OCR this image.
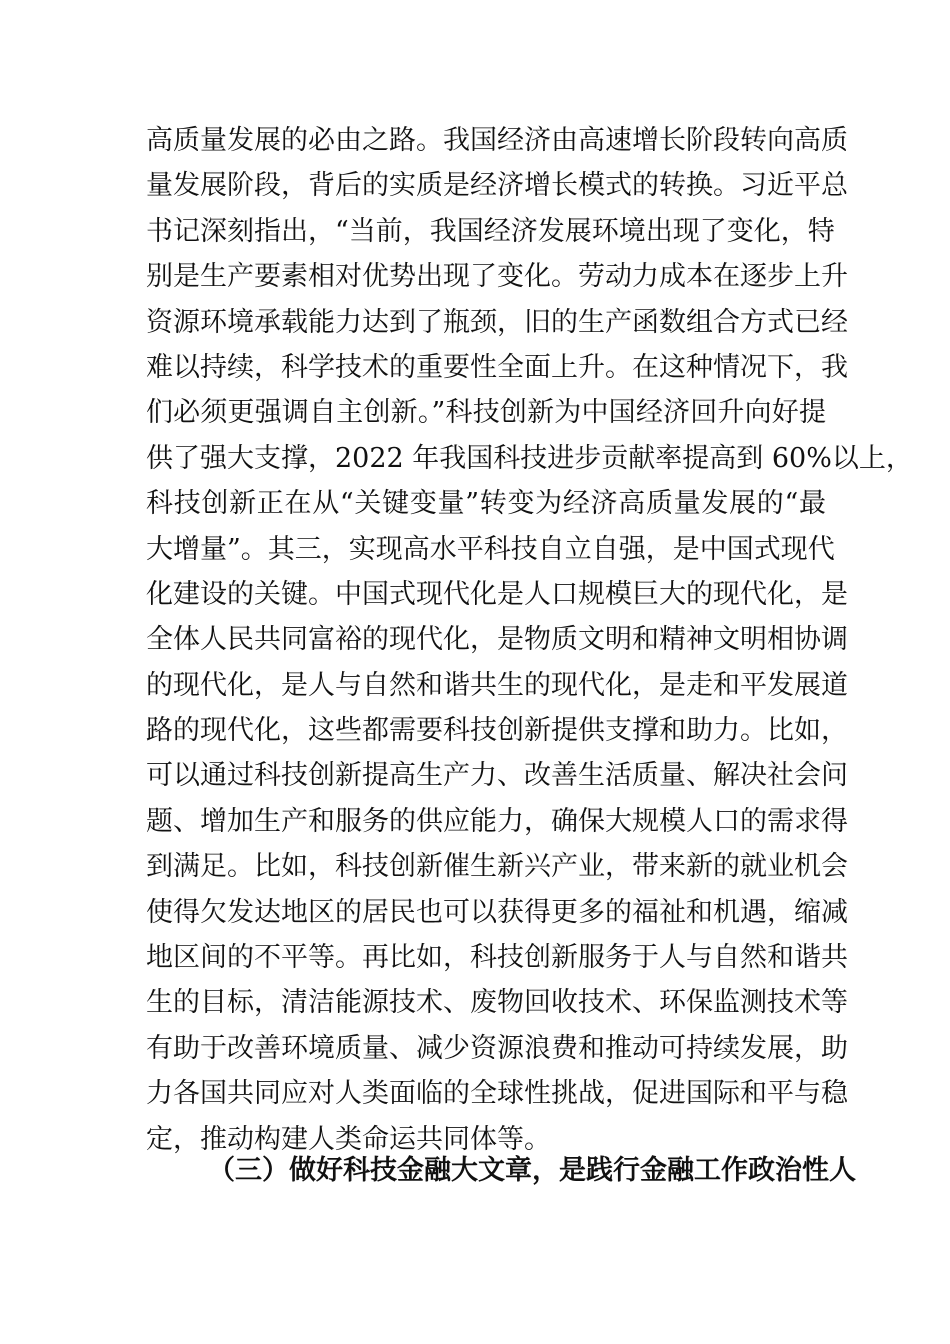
高质量发展的必由之路。我国经济由高速增长阶段转向高质
量发展阶段，背后的实质是经济增长模式的转换。习近平总
书记深刻指出，“当前，我国经济发展环境出现了变化，特
别是生产要素相对优势出现了变化。劳动力成本在逐步上升
资源环境承载能力达到了瓶颈，旧的生产函数组合方式已经
难以持续，科学技术的重要性全面上升。在这种情况下，我
们必须更强调自主创新。”科技创新为中国经济回升向好提
供了强大支撑，2022 年我国科技进步贡献率提高到 60%以上，
科技创新正在从“关键变量”转变为经济高质量发展的“最
大增量”。其三，实现高水平科技自立自强，是中国式现代
化建设的关键。中国式现代化是人口规模巨大的现代化，是
全体人民共同富裕的现代化，是物质文明和精神文明相协调
的现代化，是人与自然和谐共生的现代化，是走和平发展道
路的现代化，这些都需要科技创新提供支撑和助力。比如，
可以通过科技创新提高生产力、改善生活质量、解决社会问
题、增加生产和服务的供应能力，确保大规模人口的需求得
到满足。比如，科技创新催生新兴产业，带来新的就业机会
使得欠发达地区的居民也可以获得更多的福祉和机遇，缩减
地区间的不平等。再比如，科技创新服务于人与自然和谐共
生的目标，清洁能源技术、废物回收技术、环保监测技术等
有助于改善环境质量、减少资源浪费和推动可持续发展，助
力各国共同应对人类面临的全球性挑战，促进国际和平与稳
定，推动构建人类命运共同体等。
（三）做好科技金融大文章，是践行金融工作政治性人
